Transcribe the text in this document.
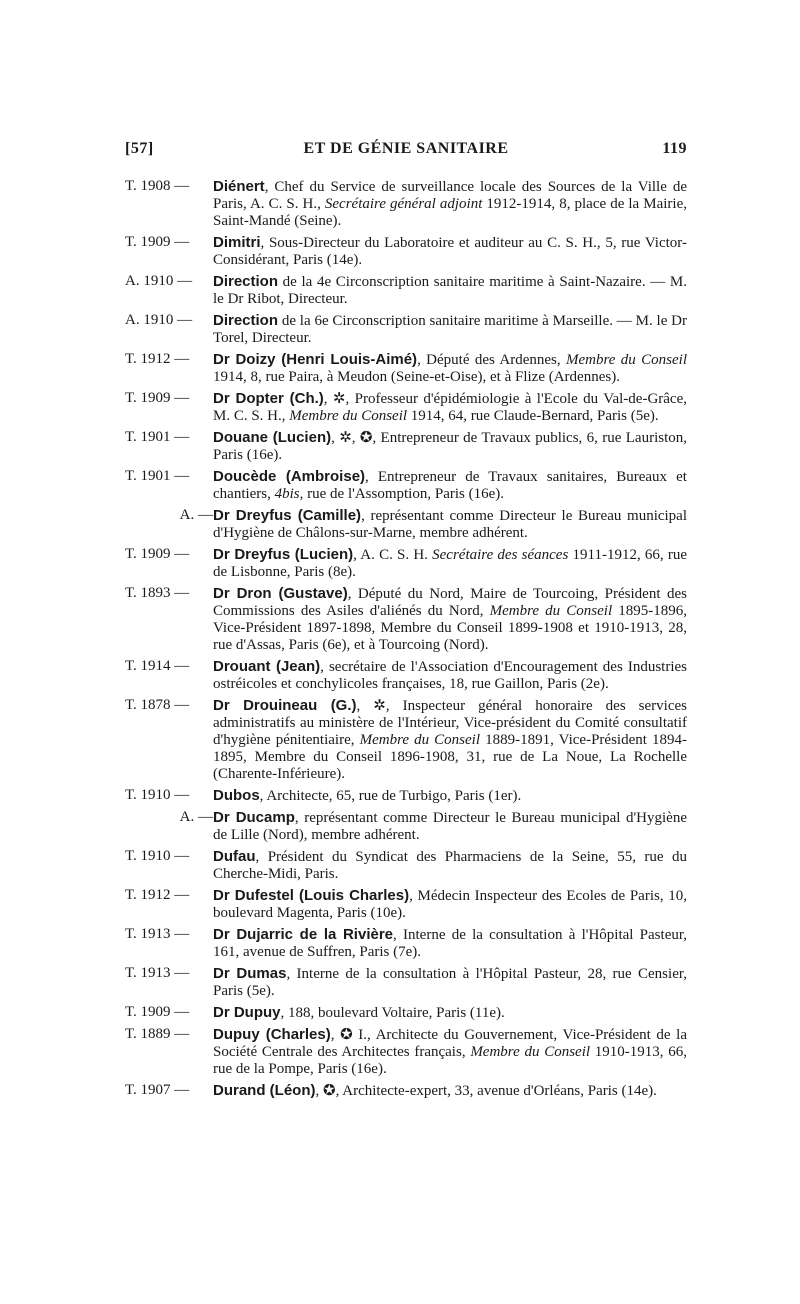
[57]	ET DE GÉNIE SANITAIRE	119
T. 1908 —	Diénert, Chef du Service de surveillance locale des Sources de la Ville de Paris, A. C. S. H., Secrétaire général adjoint 1912-1914, 8, place de la Mairie, Saint-Mandé (Seine).
T. 1909 —	Dimitri, Sous-Directeur du Laboratoire et auditeur au C. S. H., 5, rue Victor-Considérant, Paris (14e).
A. 1910 —	Direction de la 4e Circonscription sanitaire maritime à Saint-Nazaire. — M. le Dr Ribot, Directeur.
A. 1910 —	Direction de la 6e Circonscription sanitaire maritime à Marseille. — M. le Dr Torel, Directeur.
T. 1912 —	Dr Doizy (Henri Louis-Aimé), Député des Ardennes, Membre du Conseil 1914, 8, rue Paira, à Meudon (Seine-et-Oise), et à Flize (Ardennes).
T. 1909 —	Dr Dopter (Ch.), ✲, Professeur d'épidémiologie à l'Ecole du Val-de-Grâce, M. C. S. H., Membre du Conseil 1914, 64, rue Claude-Bernard, Paris (5e).
T. 1901 —	Douane (Lucien), ✲, ✪, Entrepreneur de Travaux publics, 6, rue Lauriston, Paris (16e).
T. 1901 —	Doucède (Ambroise), Entrepreneur de Travaux sanitaires, Bureaux et chantiers, 4bis, rue de l'Assomption, Paris (16e).
A. — Dr Dreyfus (Camille), représentant comme Directeur le Bureau municipal d'Hygiène de Châlons-sur-Marne, membre adhérent.
T. 1909 —	Dr Dreyfus (Lucien), A. C. S. H. Secrétaire des séances 1911-1912, 66, rue de Lisbonne, Paris (8e).
T. 1893 —	Dr Dron (Gustave), Député du Nord, Maire de Tourcoing, Président des Commissions des Asiles d'aliénés du Nord, Membre du Conseil 1895-1896, Vice-Président 1897-1898, Membre du Conseil 1899-1908 et 1910-1913, 28, rue d'Assas, Paris (6e), et à Tourcoing (Nord).
T. 1914 —	Drouant (Jean), secrétaire de l'Association d'Encouragement des Industries ostréicoles et conchylicoles françaises, 18, rue Gaillon, Paris (2e).
T. 1878 —	Dr Drouineau (G.), ✲, Inspecteur général honoraire des services administratifs au ministère de l'Intérieur, Vice-président du Comité consultatif d'hygiène pénitentiaire, Membre du Conseil 1889-1891, Vice-Président 1894-1895, Membre du Conseil 1896-1908, 31, rue de La Noue, La Rochelle (Charente-Inférieure).
T. 1910 —	Dubos, Architecte, 65, rue de Turbigo, Paris (1er).
A. — Dr Ducamp, représentant comme Directeur le Bureau municipal d'Hygiène de Lille (Nord), membre adhérent.
T. 1910 —	Dufau, Président du Syndicat des Pharmaciens de la Seine, 55, rue du Cherche-Midi, Paris.
T. 1912 —	Dr Dufestel (Louis Charles), Médecin Inspecteur des Ecoles de Paris, 10, boulevard Magenta, Paris (10e).
T. 1913 —	Dr Dujarric de la Rivière, Interne de la consultation à l'Hôpital Pasteur, 161, avenue de Suffren, Paris (7e).
T. 1913 —	Dr Dumas, Interne de la consultation à l'Hôpital Pasteur, 28, rue Censier, Paris (5e).
T. 1909 —	Dr Dupuy, 188, boulevard Voltaire, Paris (11e).
T. 1889 —	Dupuy (Charles), ✪ I., Architecte du Gouvernement, Vice-Président de la Société Centrale des Architectes français, Membre du Conseil 1910-1913, 66, rue de la Pompe, Paris (16e).
T. 1907 —	Durand (Léon), ✪, Architecte-expert, 33, avenue d'Orléans, Paris (14e).
